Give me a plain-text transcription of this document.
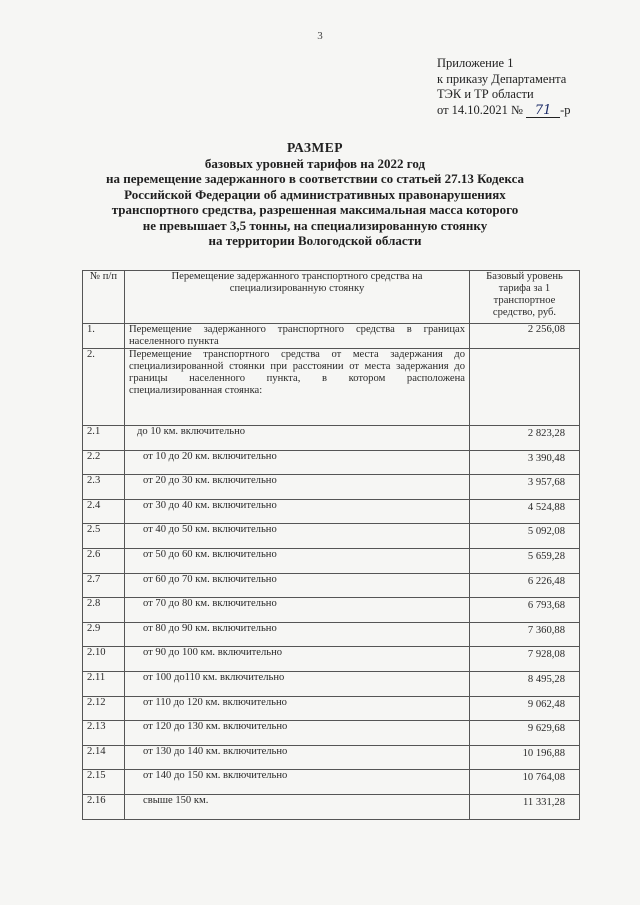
3
Приложение 1
к приказу Департамента
ТЭК и ТР области
от 14.10.2021 № 71 -р
РАЗМЕР
базовых уровней тарифов на 2022 год
на перемещение задержанного в соответствии со статьей 27.13 Кодекса
Российской Федерации об административных правонарушениях
транспортного средства, разрешенная максимальная масса которого
не превышает 3,5 тонны, на специализированную стоянку
на территории Вологодской области
№ п/п	Перемещение задержанного транспортного средства на специализированную стоянку	Базовый уровень тарифа за 1 транспортное средство, руб.
1.	Перемещение задержанного транспортного средства в границах населенного пункта	2 256,08
2.	Перемещение транспортного средства от места задержания до специализированной стоянки при расстоянии от места задержания до границы населенного пункта, в котором расположена специализированная стоянка:	
2.1	до 10 км. включительно	2 823,28
2.2	от 10 до 20 км. включительно	3 390,48
2.3	от 20 до 30 км. включительно	3 957,68
2.4	от 30 до 40 км. включительно	4 524,88
2.5	от 40 до 50 км. включительно	5 092,08
2.6	от 50 до 60 км. включительно	5 659,28
2.7	от 60 до 70 км. включительно	6 226,48
2.8	от 70 до 80 км. включительно	6 793,68
2.9	от 80 до 90 км. включительно	7 360,88
2.10	от 90 до 100 км. включительно	7 928,08
2.11	от 100 до110 км. включительно	8 495,28
2.12	от 110 до 120 км. включительно	9 062,48
2.13	от 120 до 130 км. включительно	9 629,68
2.14	от 130 до 140 км. включительно	10 196,88
2.15	от 140 до 150 км. включительно	10 764,08
2.16	свыше 150 км.	11 331,28
